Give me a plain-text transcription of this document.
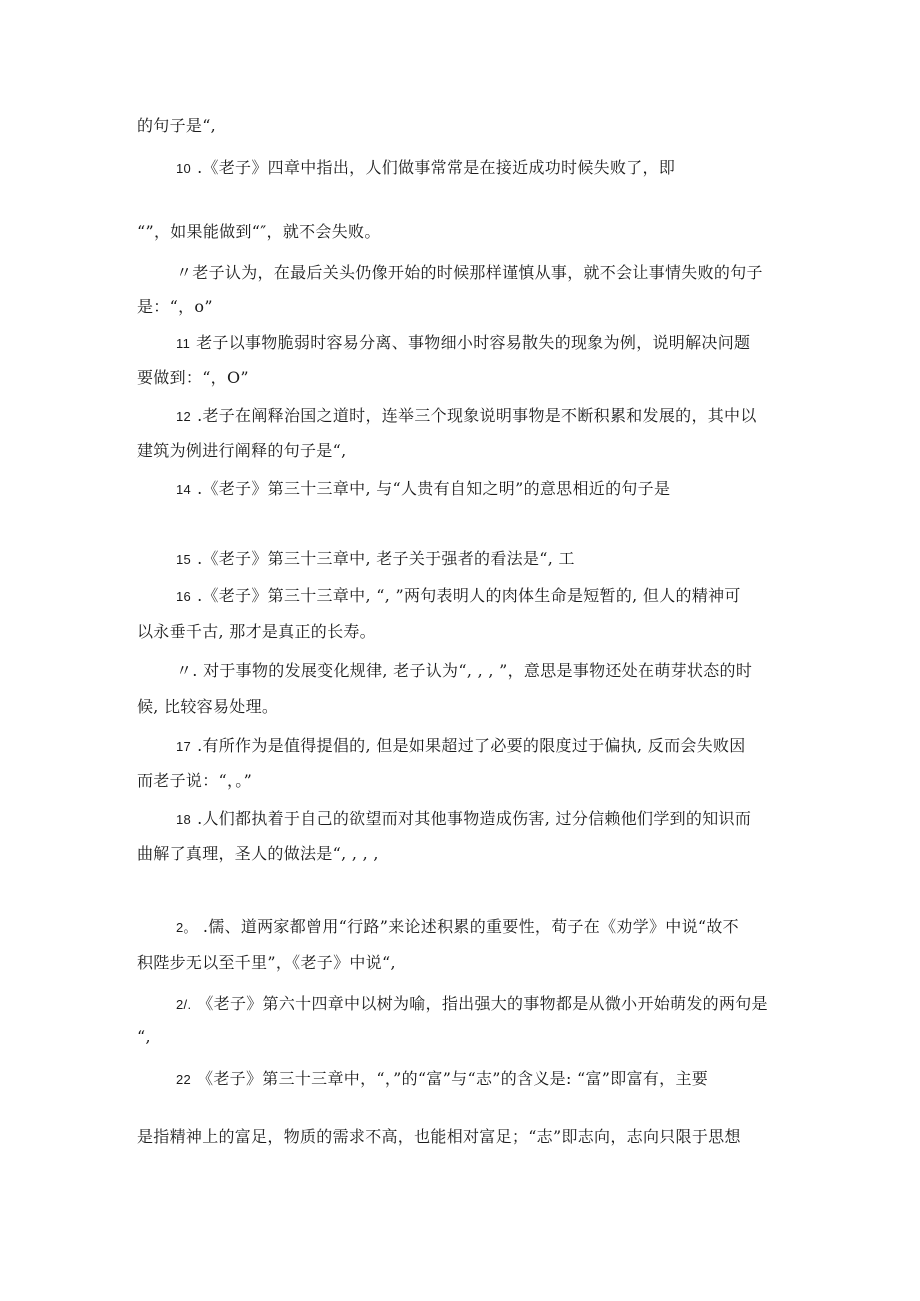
的句子是“,
10 .《老子》四章中指出，人们做事常常是在接近成功时候失败了，即
“”，如果能做到“″，就不会失败。
〃老子认为，在最后关头仍像开始的时候那样谨慎从事，就不会让事情失败的句子
是：“，o”
11 老子以事物脆弱时容易分离、事物细小时容易散失的现象为例，说明解决问题
要做到：“，O”
12 .老子在阐释治国之道时，连举三个现象说明事物是不断积累和发展的，其中以
建筑为例进行阐释的句子是“,
14 .《老子》第三十三章中, 与“人贵有自知之明”的意思相近的句子是
15 .《老子》第三十三章中, 老子关于强者的看法是“, 工
16 .《老子》第三十三章中, “, ”两句表明人的肉体生命是短暂的, 但人的精神可
以永垂千古, 那才是真正的长寿。
〃. 对于事物的发展变化规律, 老子认为“, , , ”，意思是事物还处在萌芽状态的时
候, 比较容易处理。
17 .有所作为是值得提倡的, 但是如果超过了必要的限度过于偏执, 反而会失败因
而老子说：“，。”
18 .人们都执着于自己的欲望而对其他事物造成伤害, 过分信赖他们学到的知识而
曲解了真理，圣人的做法是“, , , ,
2。 .儒、道两家都曾用“行路”来论述积累的重要性，荀子在《劝学》中说“故不
积陛步无以至千里”，《老子》中说“,
2/. 《老子》第六十四章中以树为喻，指出强大的事物都是从微小开始萌发的两句是
“,
22 《老子》第三十三章中，“，”的“富”与“志”的含义是: “富”即富有，主要
是指精神上的富足，物质的需求不高，也能相对富足；“志”即志向，志向只限于思想
